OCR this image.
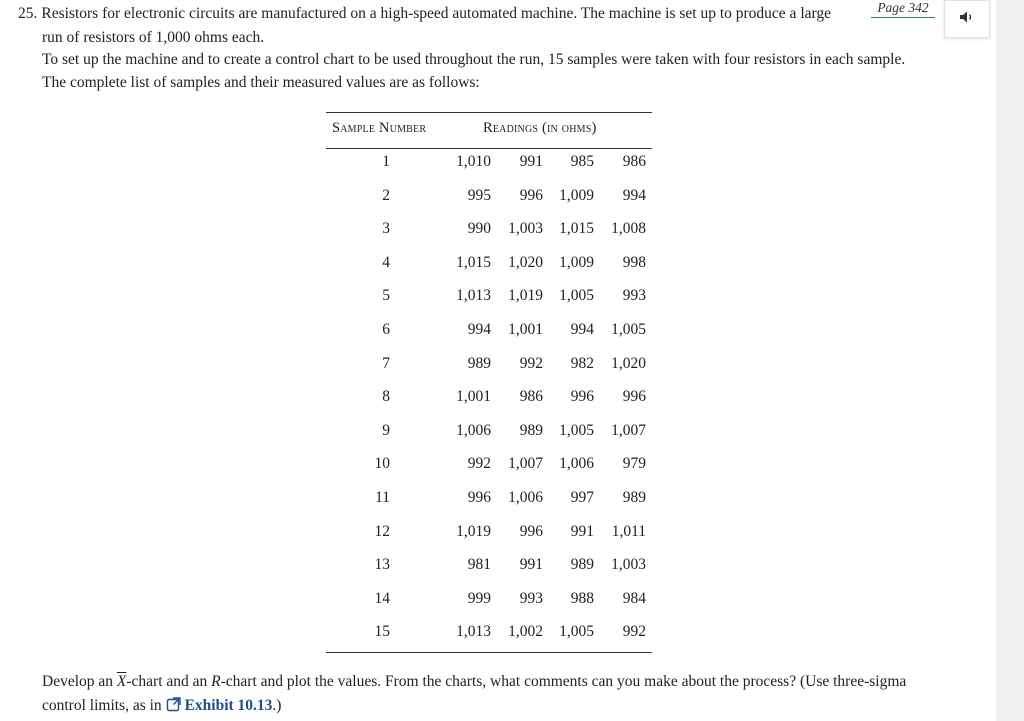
25. Resistors for electronic circuits are manufactured on a high-speed automated machine. The machine is set up to produce a large
run of resistors of 1,000 ohms each.
Page 342
To set up the machine and to create a control chart to be used throughout the run, 15 samples were taken with four resistors in each sample. The complete list of samples and their measured values are as follows:
Sample Number	Readings (in ohms)
1	1,010	991	985	986
2	995	996	1,009	994
3	990	1,003	1,015	1,008
4	1,015	1,020	1,009	998
5	1,013	1,019	1,005	993
6	994	1,001	994	1,005
7	989	992	982	1,020
8	1,001	986	996	996
9	1,006	989	1,005	1,007
10	992	1,007	1,006	979
11	996	1,006	997	989
12	1,019	996	991	1,011
13	981	991	989	1,003
14	999	993	988	984
15	1,013	1,002	1,005	992
Develop an $\overline{X}$-chart and an R-chart and plot the values. From the charts, what comments can you make about the process? (Use three-sigma control limits, as in Exhibit 10.13.)
